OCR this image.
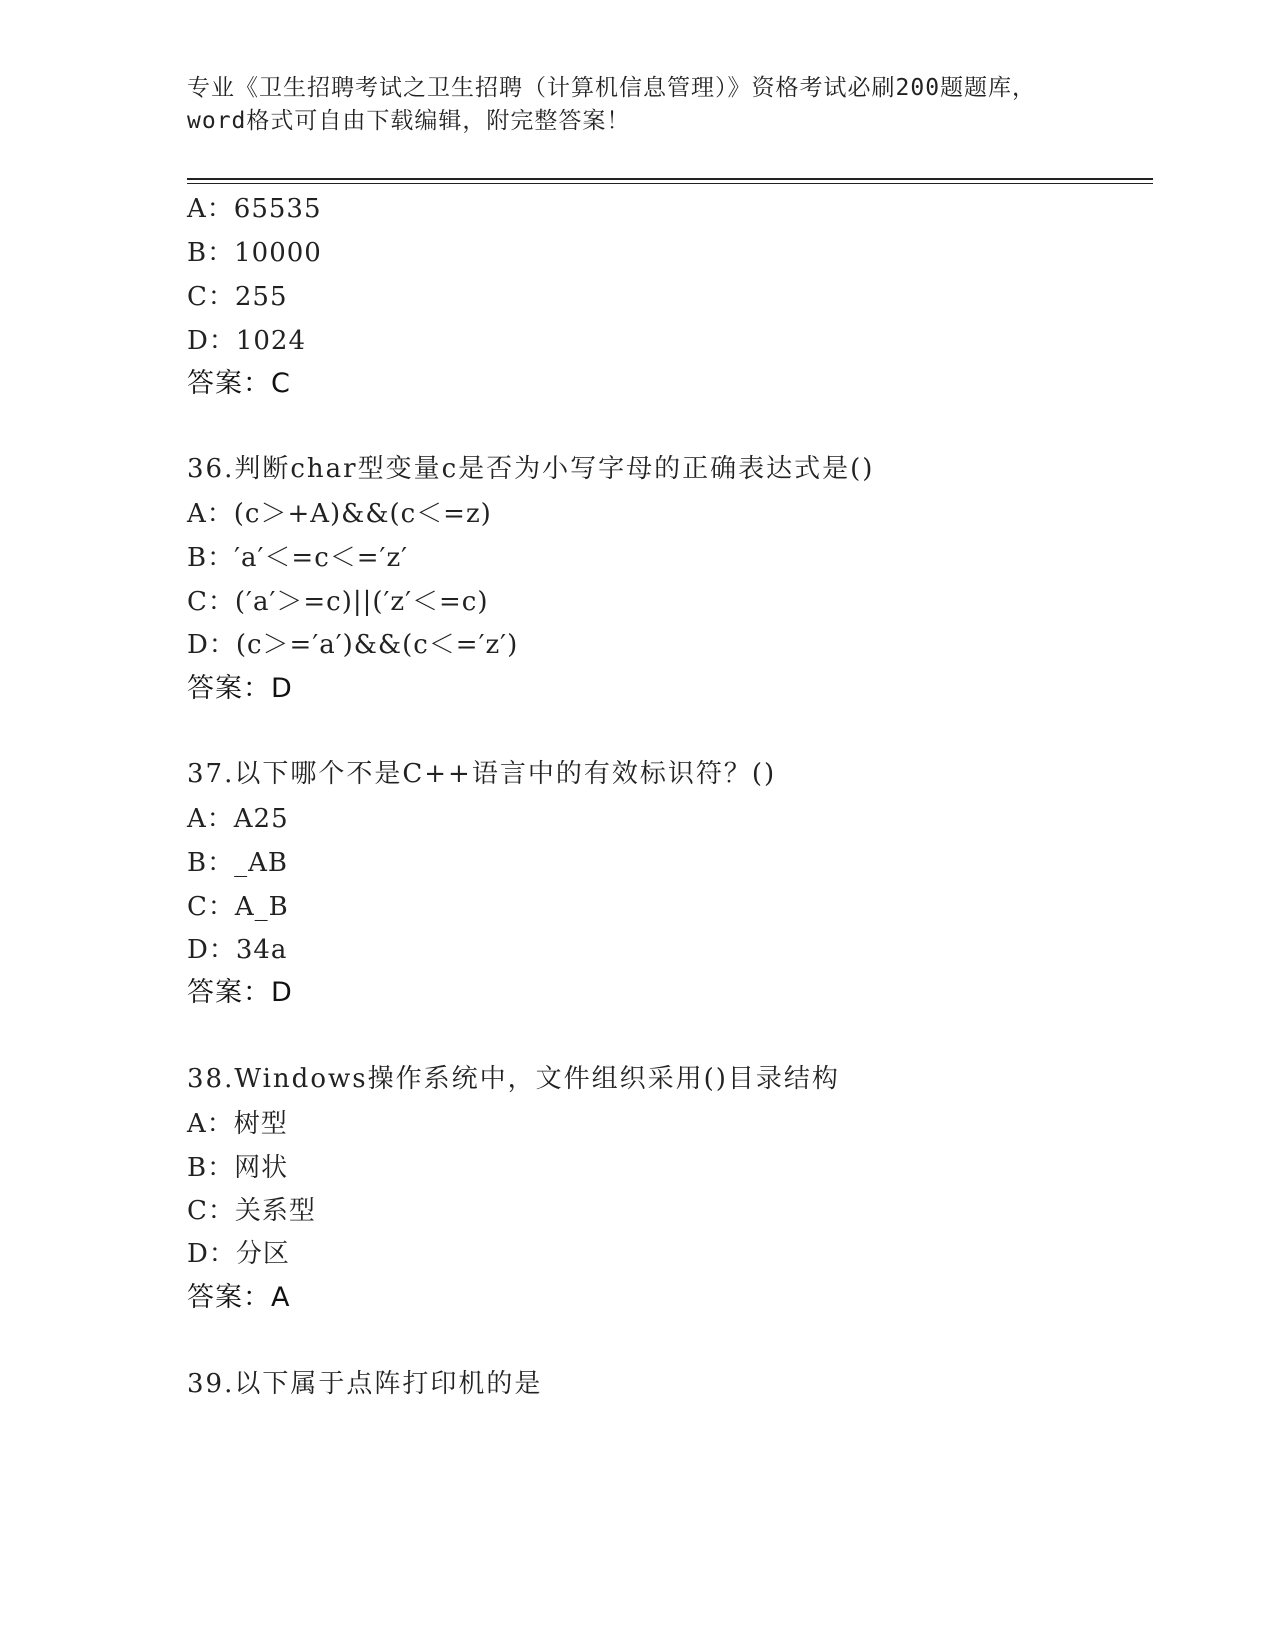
专业《卫生招聘考试之卫生招聘（计算机信息管理）》资格考试必刷200题题库，
word格式可自由下载编辑，附完整答案！
A：65535
B：10000
C：255
D：1024
答案：C
36.判断char型变量c是否为小写字母的正确表达式是()
A：(c＞+A)&&(c＜=z)
B：′a′＜=c＜=′z′
C：(′a′＞=c)||(′z′＜=c)
D：(c＞=′a′)&&(c＜=′z′)
答案：D
37.以下哪个不是C++语言中的有效标识符？()
A：A25
B：_AB
C：A_B
D：34a
答案：D
38.Windows操作系统中，文件组织采用()目录结构
A：树型
B：网状
C：关系型
D：分区
答案：A
39.以下属于点阵打印机的是
